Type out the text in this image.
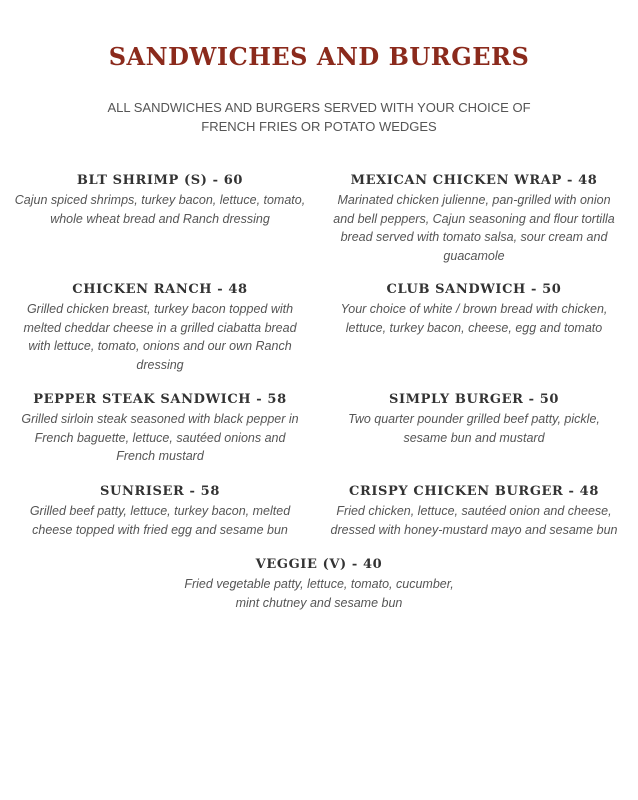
SANDWICHES AND BURGERS
ALL SANDWICHES AND BURGERS SERVED WITH YOUR CHOICE OF
FRENCH FRIES OR POTATO WEDGES
BLT SHRIMP (S) - 60
Cajun spiced shrimps, turkey bacon, lettuce, tomato,
whole wheat bread and Ranch dressing
MEXICAN CHICKEN WRAP - 48
Marinated chicken julienne, pan-grilled with onion
and bell peppers, Cajun seasoning and flour tortilla
bread served with tomato salsa, sour cream and
guacamole
CHICKEN RANCH - 48
Grilled chicken breast, turkey bacon topped with
melted cheddar cheese in a grilled ciabatta bread
with lettuce, tomato, onions and our own Ranch
dressing
CLUB SANDWICH - 50
Your choice of white / brown bread with chicken,
lettuce, turkey bacon, cheese, egg and tomato
PEPPER STEAK SANDWICH - 58
Grilled sirloin steak seasoned with black pepper in
French baguette, lettuce, sautéed onions and
French mustard
SIMPLY BURGER - 50
Two quarter pounder grilled beef patty, pickle,
sesame bun and mustard
SUNRISER - 58
Grilled beef patty, lettuce, turkey bacon, melted
cheese topped with fried egg and sesame bun
CRISPY CHICKEN BURGER - 48
Fried chicken, lettuce, sautéed onion and cheese,
dressed with honey-mustard mayo and sesame bun
VEGGIE (V) - 40
Fried vegetable patty, lettuce, tomato, cucumber,
mint chutney and sesame bun
